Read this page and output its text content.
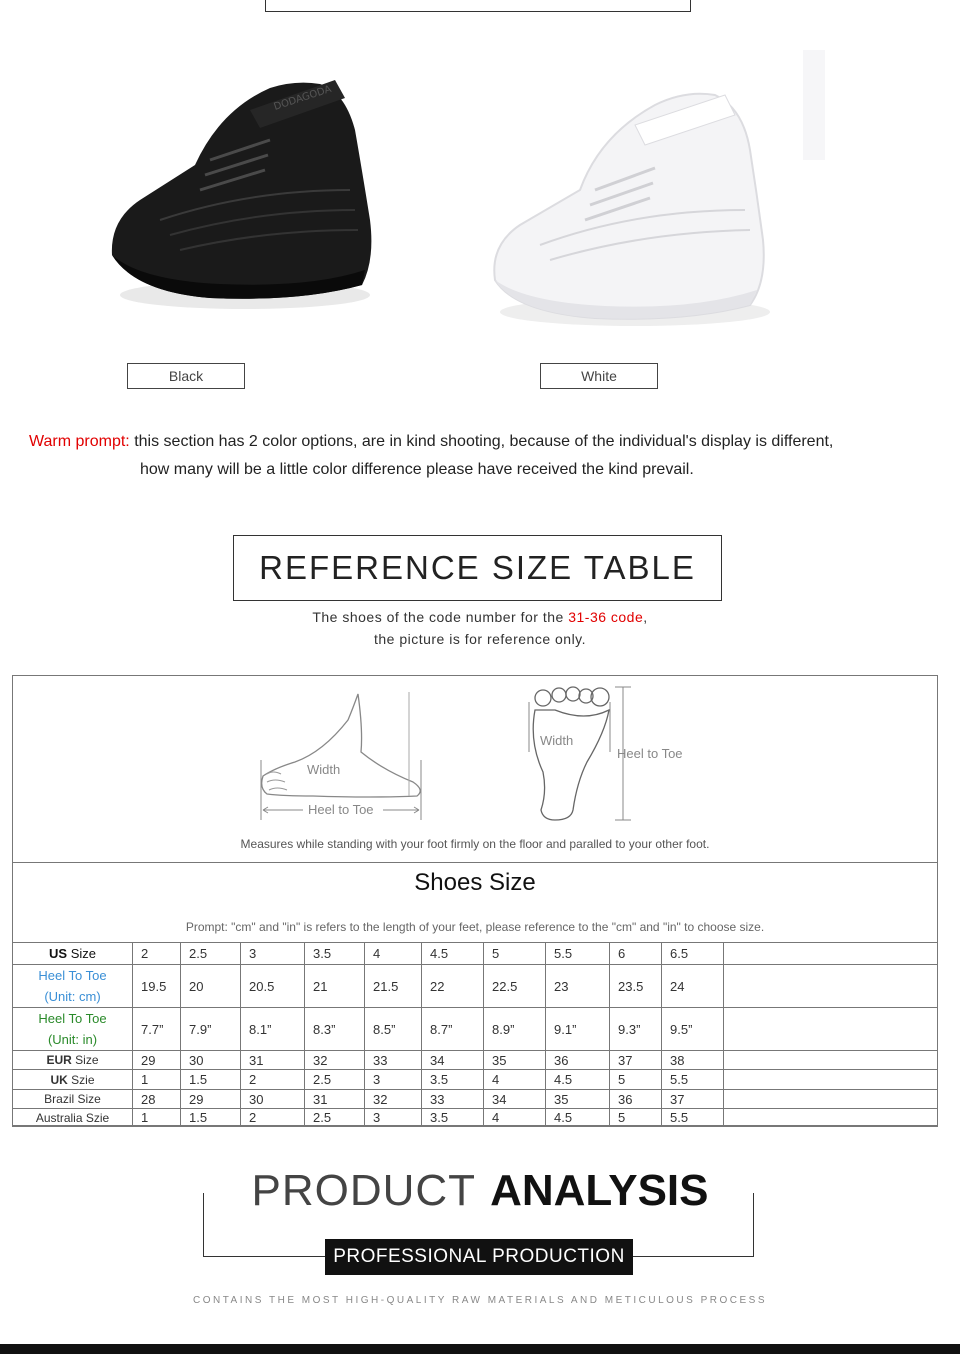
DODAGODA
Black	White
Warm prompt: this section has 2 color options, are in kind shooting, because of the individual's display is different,
how many will be a little color difference please have received the kind prevail.
REFERENCE SIZE TABLE
The shoes of the code number for the 31-36 code,
the picture is for reference only.
Width
Heel to Toe
Width
Heel to Toe
Measures while standing with your foot firmly on the floor and paralled to your other foot.
Shoes Size
Prompt: "cm" and "in" is refers to the length of your feet, please reference to the "cm" and "in" to choose size.
US Size	2	2.5	3	3.5	4	4.5	5	5.5	6	6.5	

Heel To Toe
(Unit: cm)	19.5	20	20.5	21	21.5	22	22.5	23	23.5	24	

Heel To Toe
(Unit: in)	7.7”	7.9”	8.1”	8.3”	8.5”	8.7”	8.9”	9.1”	9.3”	9.5”	
EUR Size	29	30	31	32	33	34	35	36	37	38	
UK Szie	1	1.5	2	2.5	3	3.5	4	4.5	5	5.5	
Brazil Size	28	29	30	31	32	33	34	35	36	37	
Australia Szie	1	1.5	2	2.5	3	3.5	4	4.5	5	5.5	
PRODUCT ANALYSIS
PROFESSIONAL PRODUCTION
CONTAINS THE MOST HIGH-QUALITY RAW MATERIALS AND METICULOUS PROCESS
